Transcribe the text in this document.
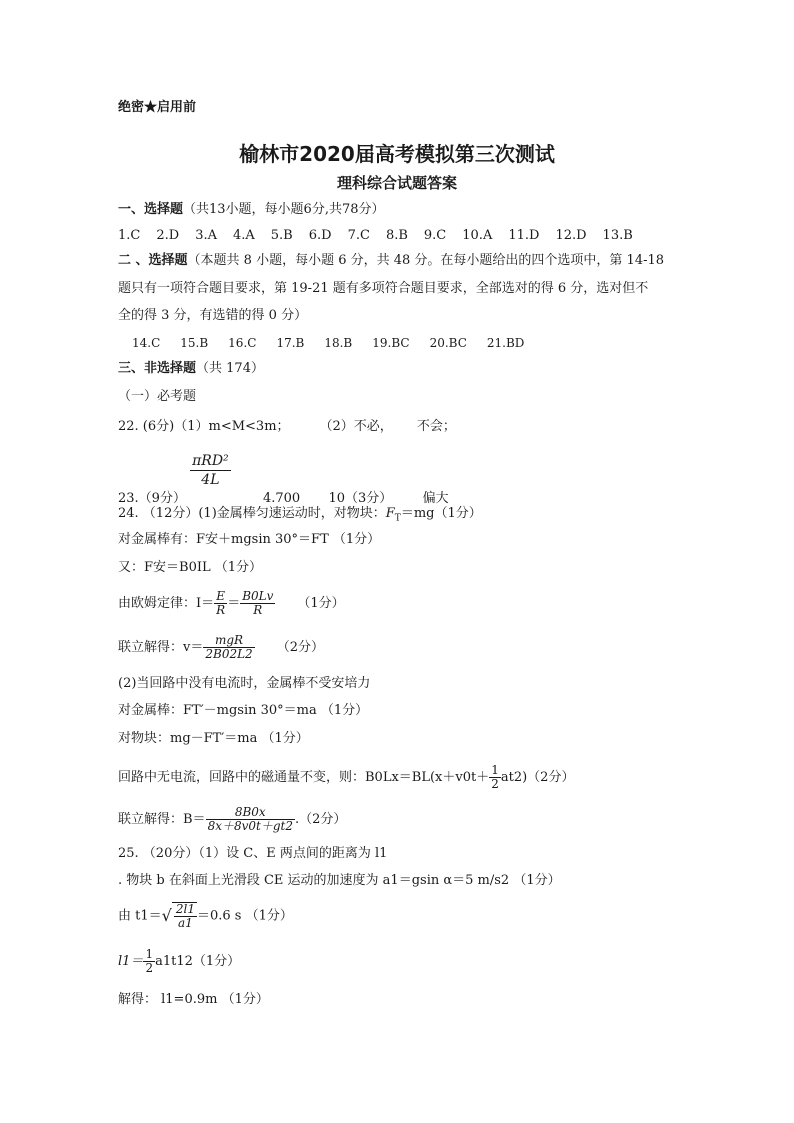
绝密★启用前
榆林市2020届高考模拟第三次测试
理科综合试题答案
一、选择题（共13小题，每小题6分,共78分）
1.C 2.D 3.A 4.A 5.B 6.D 7.C 8.B 9.C 10.A 11.D 12.D 13.B
二 、选择题（本题共 8 小题，每小题 6 分，共 48 分。在每小题给出的四个选项中，第 14-18
题只有一项符合题目要求，第 19-21 题有多项符合题目要求，全部选对的得 6 分，选对但不
全的得 3 分，有选错的得 0 分）
14.C 15.B 16.C 17.B 18.B 19.BC 20.BC 21.BD
三、非选择题（共 174）
（一）必考题
22. (6分)（1）m<M<3m； （2）不必， 不会；
23.（9分）
$\frac{\text{πRD²}}{4L}$
4.700 10（3分） 偏大
24. （12分）(1)金属棒匀速运动时，对物块：$F_T=mg(1$分）
对金属棒有：F安＋mgsin 30°＝FT （1分）
又：F安＝B0IL （1分）
由欧姆定律：$I= \frac{E}{R} = \frac{B0Lv}{R} (1$分）
联立解得：$v= \frac{\text{mgR}}{2B02L2} (2$分）
(2)当回路中没有电流时，金属棒不受安培力
对金属棒：FT′－mgsin 30°＝ma （1分）
对物块：mg－FT′＝ma （1分）
回路中无电流，回路中的磁通量不变，则：$B0Lx=BL(x+v0t+ \frac{1}{2} at2)(2$分）
联立解得：$B= \frac{8B0x}{8x+8v0t+gt2} .(2$分）
25. （20分）（1）设 C、E 两点间的距离为 l1
. 物块 b 在斜面上光滑段 CE 运动的加速度为 a1＝gsin α＝5 m/s2 （1分）
由 $t1=√ \frac{2l1}{a1} =0.6$ s （1分）
$l1= \frac{1}{2} a1t12(1$分）
解得： l1=0.9m （1分）
